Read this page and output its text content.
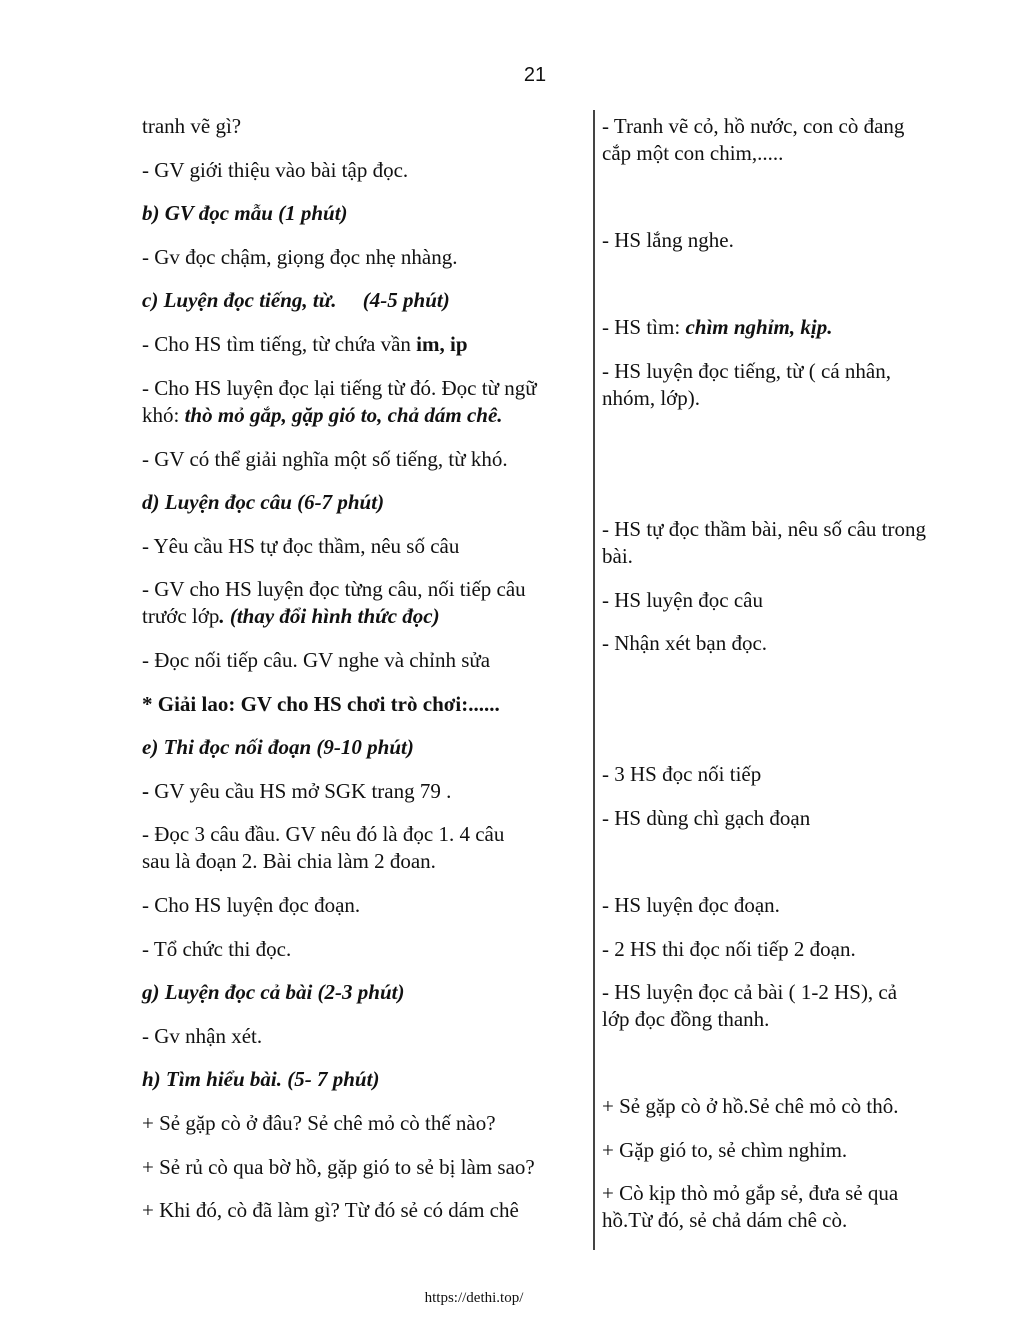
21
tranh vẽ gì?
- GV giới thiệu vào bài tập đọc.
b) GV đọc mẫu (1 phút)
- Gv đọc chậm, giọng đọc nhẹ nhàng.
c) Luyện đọc tiếng, từ.     (4-5 phút)
- Cho HS tìm tiếng, từ chứa vần im, ip
- Cho HS luyện đọc lại tiếng từ đó. Đọc từ ngữ
khó: thò mỏ gắp, gặp gió to, chả dám chê.
- GV có thể giải nghĩa một số tiếng, từ khó.
d) Luyện đọc câu (6-7 phút)
- Yêu cầu HS tự đọc thầm, nêu số câu
- GV cho HS luyện đọc từng câu, nối tiếp câu
trước lớp. (thay đổi hình thức đọc)
- Đọc nối tiếp câu. GV nghe và chỉnh sửa
* Giải lao: GV cho HS chơi trò chơi:......
e) Thi đọc nối đoạn (9-10 phút)
- GV yêu cầu HS mở SGK trang 79 .
- Đọc 3 câu đầu. GV nêu đó là đọc 1. 4 câu
sau là đoạn 2. Bài chia làm 2 đoan.
- Cho HS luyện đọc đoạn.
- Tổ chức thi đọc.
g) Luyện đọc cả bài (2-3 phút)
- Gv nhận xét.
h) Tìm hiểu bài. (5- 7 phút)
+ Sẻ gặp cò ở đâu? Sẻ chê mỏ cò thế nào?
+ Sẻ rủ cò qua bờ hồ, gặp gió to sẻ bị làm sao?
+ Khi đó, cò đã làm gì? Từ đó sẻ có dám chê
- Tranh vẽ cỏ, hồ nước, con cò đang
cắp một con chim,.....
- HS lắng nghe.
- HS tìm: chìm nghỉm, kịp.
- HS luyện đọc tiếng, từ ( cá nhân,
nhóm, lớp).
- HS tự đọc thầm bài, nêu số câu trong
bài.
- HS luyện đọc câu
- Nhận xét bạn đọc.
- 3 HS đọc nối tiếp
- HS dùng chì gạch đoạn
- HS luyện đọc đoạn.
- 2 HS thi đọc nối tiếp 2 đoạn.
- HS luyện đọc cả bài ( 1-2 HS), cả
lớp đọc đồng thanh.
+ Sẻ gặp cò ở hồ.Sẻ chê mỏ cò thô.
+ Gặp gió to, sẻ chìm nghỉm.
+ Cò kịp thò mỏ gắp sẻ, đưa sẻ qua
hồ.Từ đó, sẻ chả dám chê cò.
https://dethi.top/
